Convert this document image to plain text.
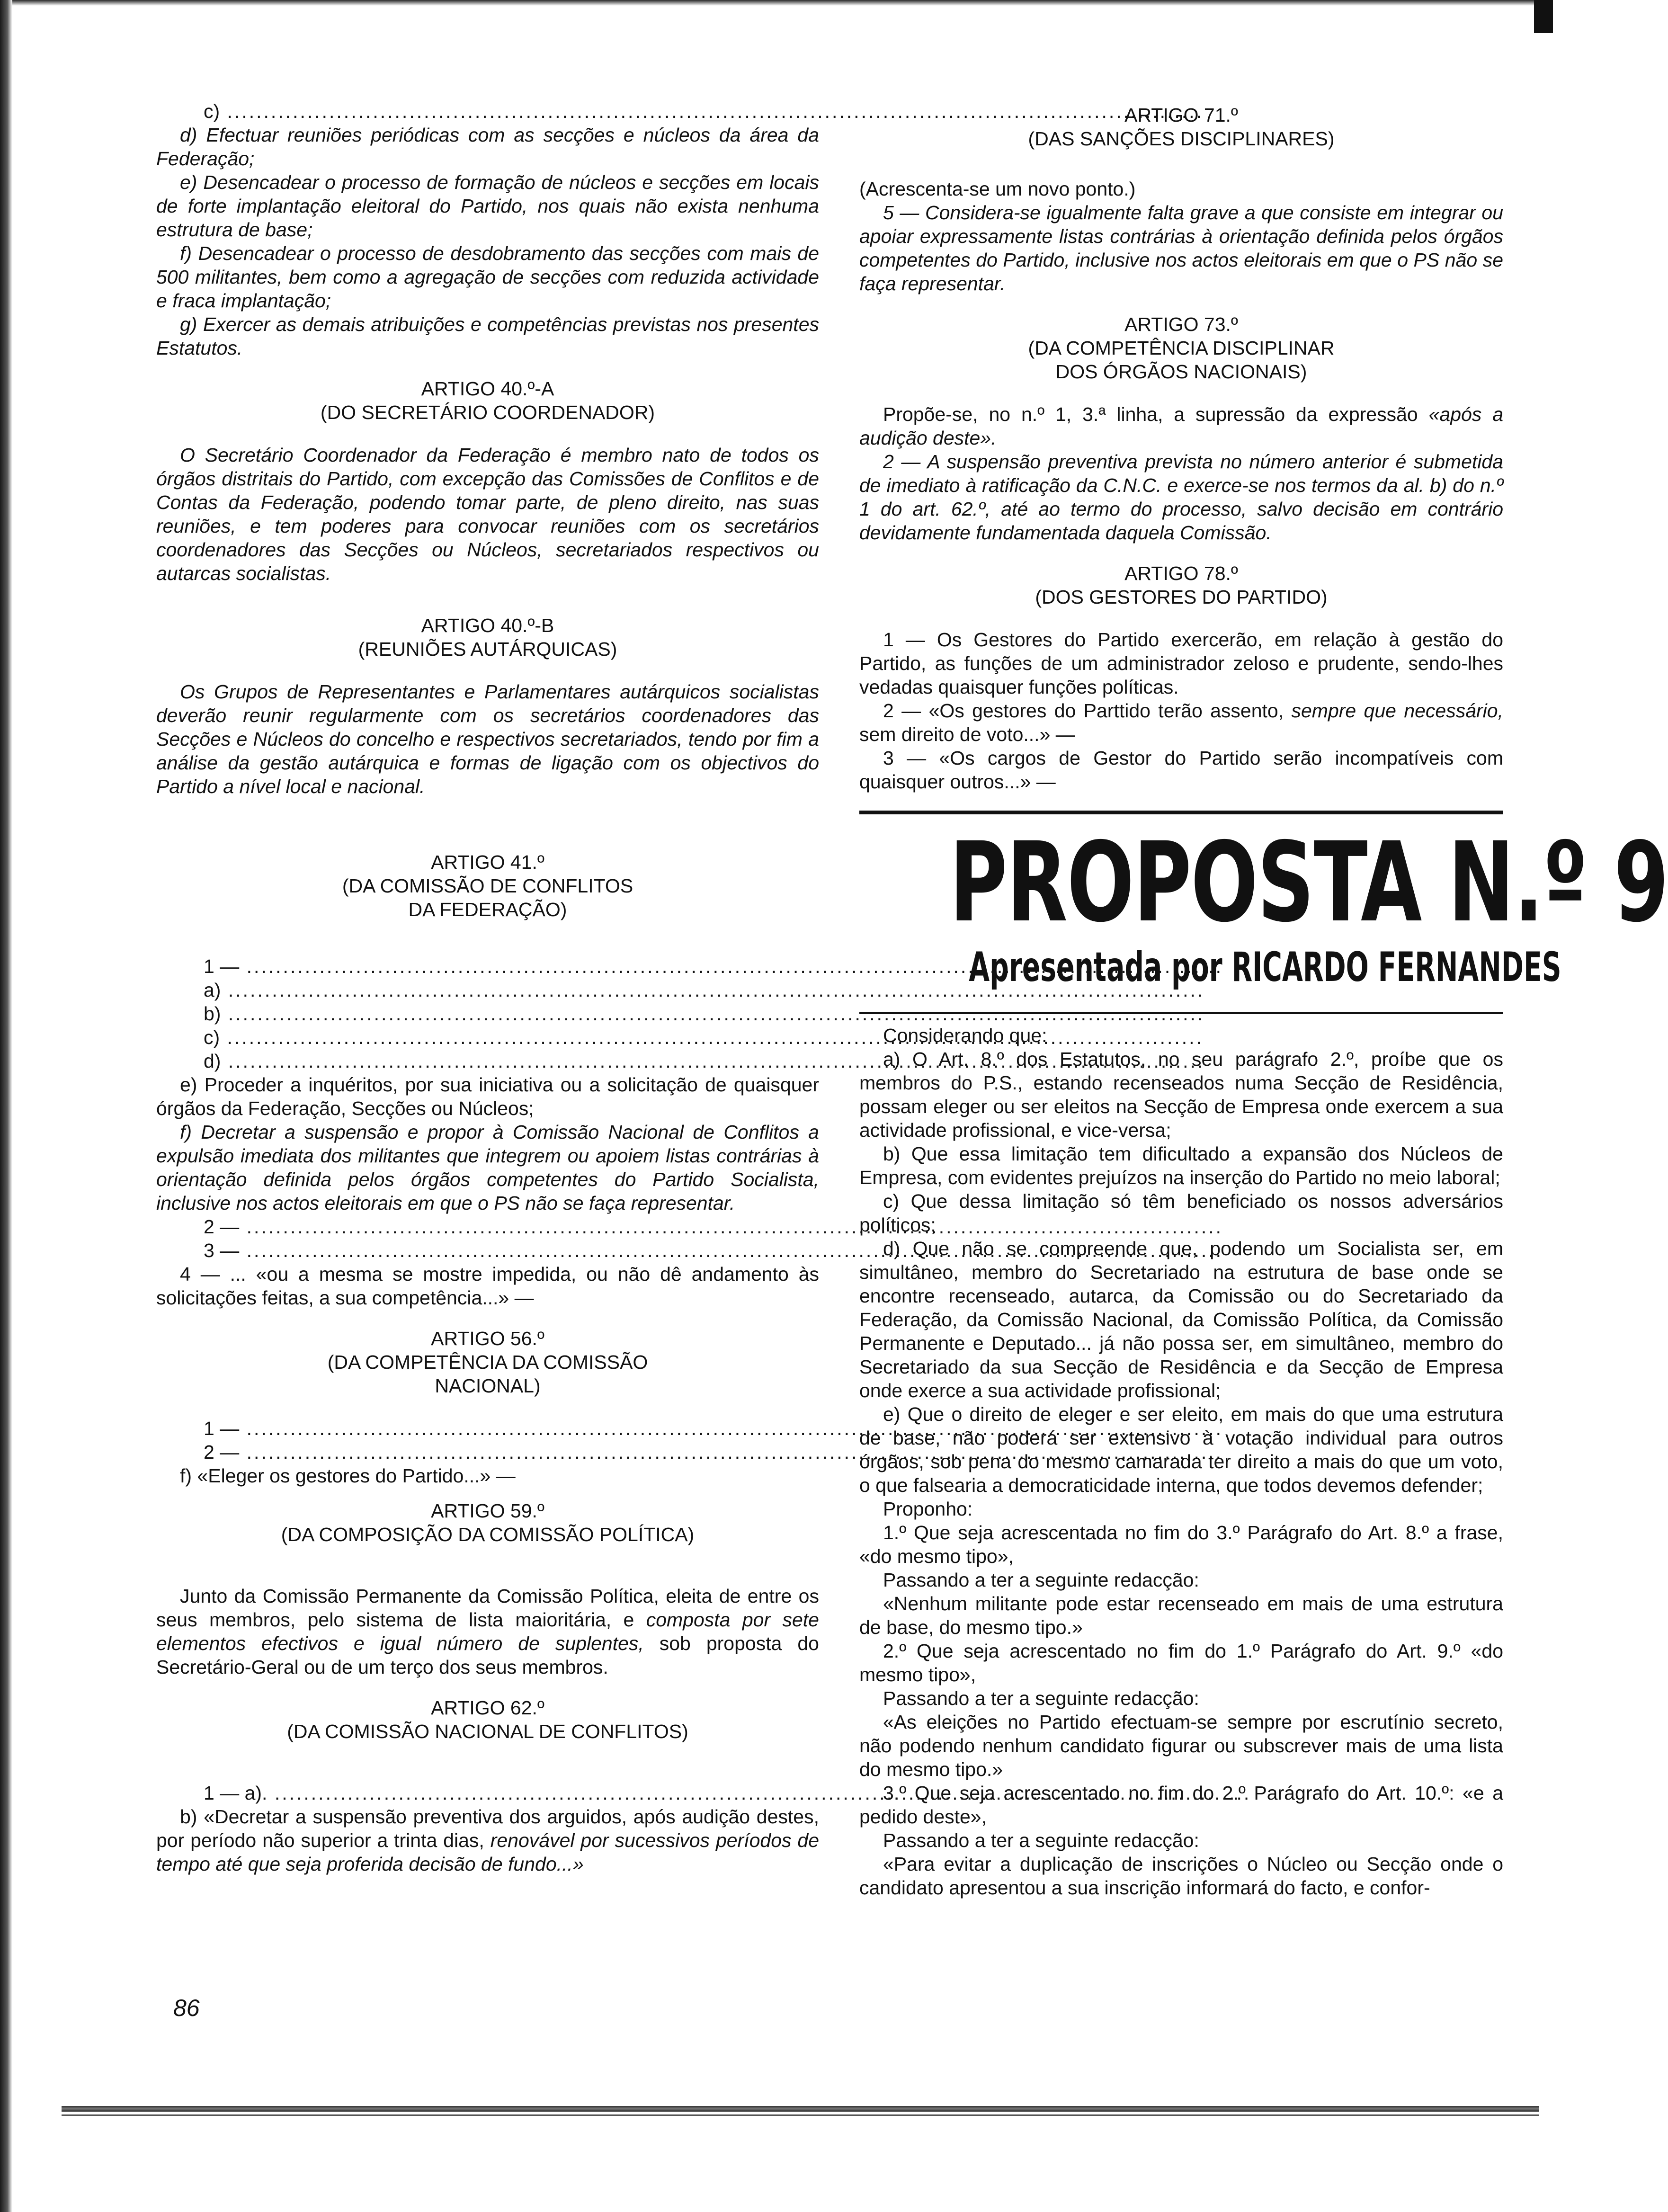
c) .....

d) Efectuar reuniões periódicas com as secções e núcleos da área da Federação;

e) Desencadear o processo de formação de núcleos e secções em locais de forte implantação eleitoral do Partido, nos quais não exista nenhuma estrutura de base;

f) Desencadear o processo de desdobramento das secções com mais de 500 militantes, bem como a agregação de secções com reduzida actividade e fraca implantação;

g) Exercer as demais atribuições e competências previstas nos presentes Estatutos.

ARTIGO 40.º-A
(DO SECRETÁRIO COORDENADOR)

O Secretário Coordenador da Federação é membro nato de todos os órgãos distritais do Partido, com excepção das Comissões de Conflitos e de Contas da Federação, podendo tomar parte, de pleno direito, nas suas reuniões, e tem poderes para convocar reuniões com os secretários coordenadores das Secções ou Núcleos, secretariados respectivos ou autarcas socialistas.

ARTIGO 40.º-B
(REUNIÕES AUTÁRQUICAS)

Os Grupos de Representantes e Parlamentares autárquicos socialistas deverão reunir regularmente com os secretários coordenadores das Secções e Núcleos do concelho e respectivos secretariados, tendo por fim a análise da gestão autárquica e formas de ligação com os objectivos do Partido a nível local e nacional.

ARTIGO 41.º
(DA COMISSÃO DE CONFLITOS
DA FEDERAÇÃO)

1 — .....

a) .....

b) .....

c) .....

d) .....

e) Proceder a inquéritos, por sua iniciativa ou a solicitação de quaisquer órgãos da Federação, Secções ou Núcleos;

f) Decretar a suspensão e propor à Comissão Nacional de Conflitos a expulsão imediata dos militantes que integrem ou apoiem listas contrárias à orientação definida pelos órgãos competentes do Partido Socialista, inclusive nos actos eleitorais em que o PS não se faça representar.

2 — .....

3 — .....

4 — ... «ou a mesma se mostre impedida, ou não dê andamento às solicitações feitas, a sua competência...» —

ARTIGO 56.º
(DA COMPETÊNCIA DA COMISSÃO
NACIONAL)

1 — .....

2 — .....

f) «Eleger os gestores do Partido...» —

ARTIGO 59.º
(DA COMPOSIÇÃO DA COMISSÃO POLÍTICA)

Junto da Comissão Permanente da Comissão Política, eleita de entre os seus membros, pelo sistema de lista maioritária, e composta por sete elementos efectivos e igual número de suplentes, sob proposta do Secretário-Geral ou de um terço dos seus membros.

ARTIGO 62.º
(DA COMISSÃO NACIONAL DE CONFLITOS)

1 — a). .....

b) «Decretar a suspensão preventiva dos arguidos, após audição destes, por período não superior a trinta dias, renovável por sucessivos períodos de tempo até que seja proferida decisão de fundo...»

86
ARTIGO 71.º
(DAS SANÇÕES DISCIPLINARES)

(Acrescenta-se um novo ponto.)

5 — Considera-se igualmente falta grave a que consiste em integrar ou apoiar expressamente listas contrárias à orientação definida pelos órgãos competentes do Partido, inclusive nos actos eleitorais em que o PS não se faça representar.

ARTIGO 73.º
(DA COMPETÊNCIA DISCIPLINAR
DOS ÓRGÃOS NACIONAIS)

Propõe-se, no n.º 1, 3.ª linha, a supressão da expressão «após a audição deste».

2 — A suspensão preventiva prevista no número anterior é submetida de imediato à ratificação da C.N.C. e exerce-se nos termos da al. b) do n.º 1 do art. 62.º, até ao termo do processo, salvo decisão em contrário devidamente fundamentada daquela Comissão.

ARTIGO 78.º
(DOS GESTORES DO PARTIDO)

1 — Os Gestores do Partido exercerão, em relação à gestão do Partido, as funções de um administrador zeloso e prudente, sendo-lhes vedadas quaisquer funções políticas.

2 — «Os gestores do Parttido terão assento, sempre que necessário, sem direito de voto...» —

3 — «Os cargos de Gestor do Partido serão incompatíveis com quaisquer outros...» —

PROPOSTA N.º 9
Apresentada por RICARDO FERNANDES

Considerando que:

a) O Art. 8.º dos Estatutos, no seu parágrafo 2.º, proíbe que os membros do P.S., estando recenseados numa Secção de Residência, possam eleger ou ser eleitos na Secção de Empresa onde exercem a sua actividade profissional, e vice-versa;

b) Que essa limitação tem dificultado a expansão dos Núcleos de Empresa, com evidentes prejuízos na inserção do Partido no meio laboral;

c) Que dessa limitação só têm beneficiado os nossos adversários políticos;

d) Que não se compreende que, podendo um Socialista ser, em simultâneo, membro do Secretariado na estrutura de base onde se encontre recenseado, autarca, da Comissão ou do Secretariado da Federação, da Comissão Nacional, da Comissão Política, da Comissão Permanente e Deputado... já não possa ser, em simultâneo, membro do Secretariado da sua Secção de Residência e da Secção de Empresa onde exerce a sua actividade profissional;

e) Que o direito de eleger e ser eleito, em mais do que uma estrutura de base, não poderá ser extensivo à votação individual para outros órgãos, sob pena do mesmo camarada ter direito a mais do que um voto, o que falsearia a democraticidade interna, que todos devemos defender;

Proponho:

1.º Que seja acrescentada no fim do 3.º Parágrafo do Art. 8.º a frase, «do mesmo tipo»,

Passando a ter a seguinte redacção:

«Nenhum militante pode estar recenseado em mais de uma estrutura de base, do mesmo tipo.»

2.º Que seja acrescentado no fim do 1.º Parágrafo do Art. 9.º «do mesmo tipo»,

Passando a ter a seguinte redacção:

«As eleições no Partido efectuam-se sempre por escrutínio secreto, não podendo nenhum candidato figurar ou subscrever mais de uma lista do mesmo tipo.»

3.º Que seja acrescentado no fim do 2.º Parágrafo do Art. 10.º: «e a pedido deste»,

Passando a ter a seguinte redacção:

«Para evitar a duplicação de inscrições o Núcleo ou Secção onde o candidato apresentou a sua inscrição informará do facto, e confor-
